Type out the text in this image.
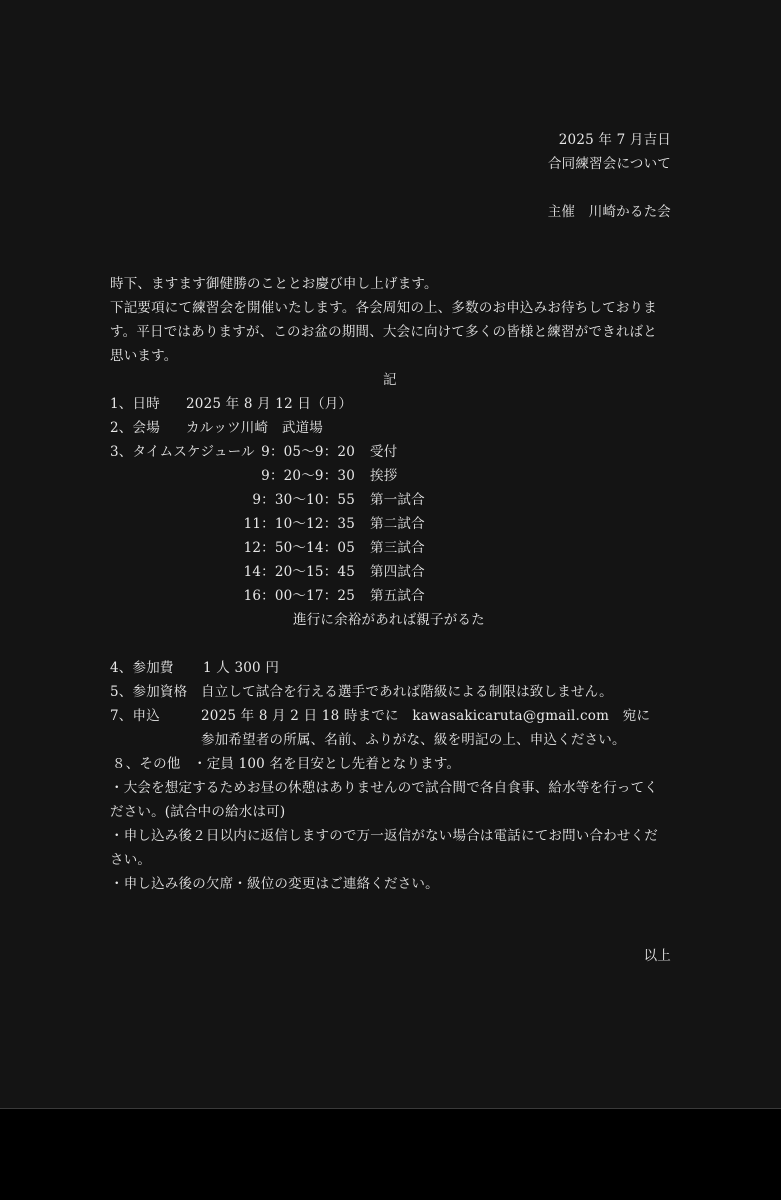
2025 年 7 月吉日
合同練習会について
主催　川崎かるた会
時下、ますます御健勝のこととお慶び申し上げます。
下記要項にて練習会を開催いたします。各会周知の上、多数のお申込みお待ちしておりま
す。平日ではありますが、このお盆の期間、大会に向けて多くの皆様と練習ができればと
思います。
記
1、日時 2025 年 8 月 12 日（月）
2、会場 カルッツ川崎　武道場
3、タイムスケジュール 9：05〜9：20 受付
9：20〜9：30 挨拶
9：30〜10：55 第一試合
11：10〜12：35 第二試合
12：50〜14：05 第三試合
14：20〜15：45 第四試合
16：00〜17：25 第五試合
進行に余裕があれば親子がるた
4、参加費 1 人 300 円
5、参加資格 自立して試合を行える選手であれば階級による制限は致しません。
7、申込	2025 年 8 月 2 日 18 時までに　kawasakicaruta@gmail.com　宛に
参加希望者の所属、名前、ふりがな、級を明記の上、申込ください。
８、その他 ・定員 100 名を目安とし先着となります。
・大会を想定するためお昼の休憩はありませんので試合間で各自食事、給水等を行ってく
ださい。(試合中の給水は可)
・申し込み後２日以内に返信しますので万一返信がない場合は電話にてお問い合わせくだ
さい。
・申し込み後の欠席・級位の変更はご連絡ください。
以上
